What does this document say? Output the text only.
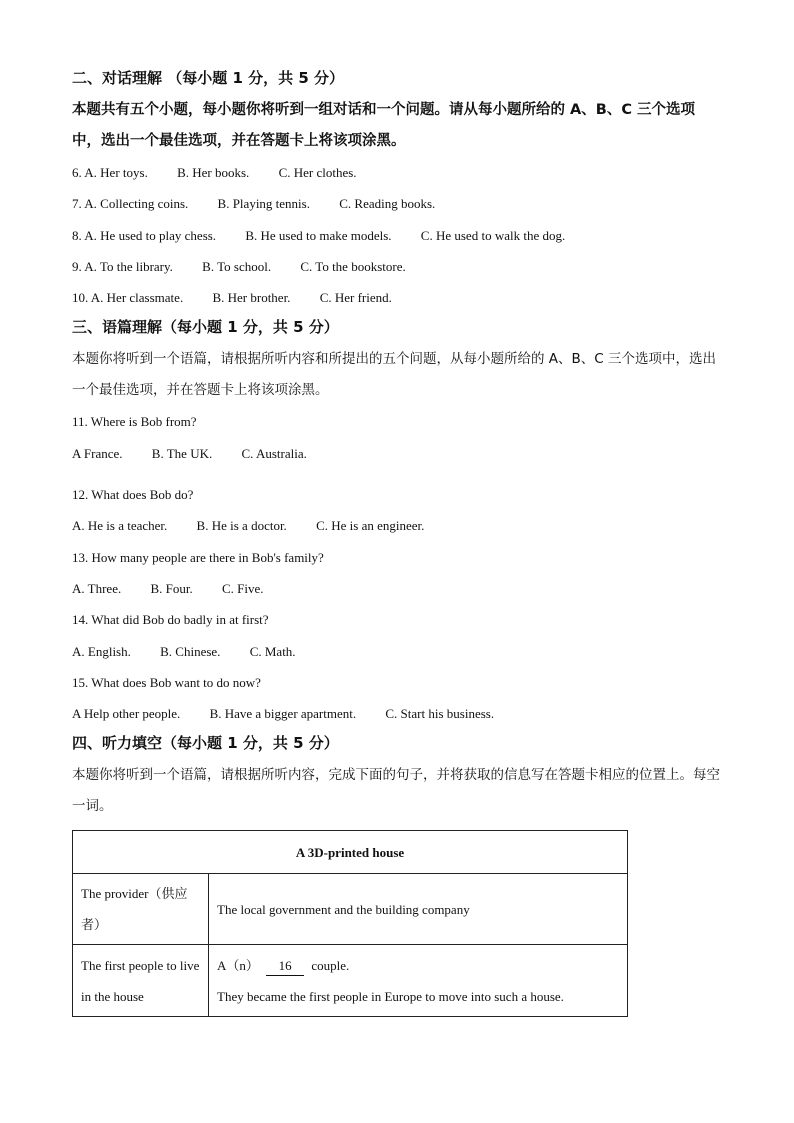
二、对话理解 （每小题 1 分，共 5 分）
本题共有五个小题，每小题你将听到一组对话和一个问题。请从每小题所给的 A、B、C 三个选项中，选出一个最佳选项，并在答题卡上将该项涂黑。
6. A. Her toys. B. Her books. C. Her clothes.
7. A. Collecting coins. B. Playing tennis. C. Reading books.
8. A. He used to play chess. B. He used to make models. C. He used to walk the dog.
9. A. To the library. B. To school. C. To the bookstore.
10. A. Her classmate. B. Her brother. C. Her friend.
三、语篇理解（每小题 1 分，共 5 分）
本题你将听到一个语篇，请根据所听内容和所提出的五个问题，从每小题所给的 A、B、C 三个选项中，选出一个最佳选项，并在答题卡上将该项涂黑。
11. Where is Bob from?
A France. B. The UK. C. Australia.
12. What does Bob do?
A. He is a teacher. B. He is a doctor. C. He is an engineer.
13. How many people are there in Bob's family?
A. Three. B. Four. C. Five.
14. What did Bob do badly in at first?
A. English. B. Chinese. C. Math.
15. What does Bob want to do now?
A Help other people. B. Have a bigger apartment. C. Start his business.
四、听力填空（每小题 1 分，共 5 分）
本题你将听到一个语篇，请根据所听内容，完成下面的句子，并将获取的信息写在答题卡相应的位置上。每空一词。
A 3D-printed house	
The provider（供应者）	The local government and the building company
The first people to live in the house	A（n） 16 couple.
They became the first people in Europe to move into such a house.
